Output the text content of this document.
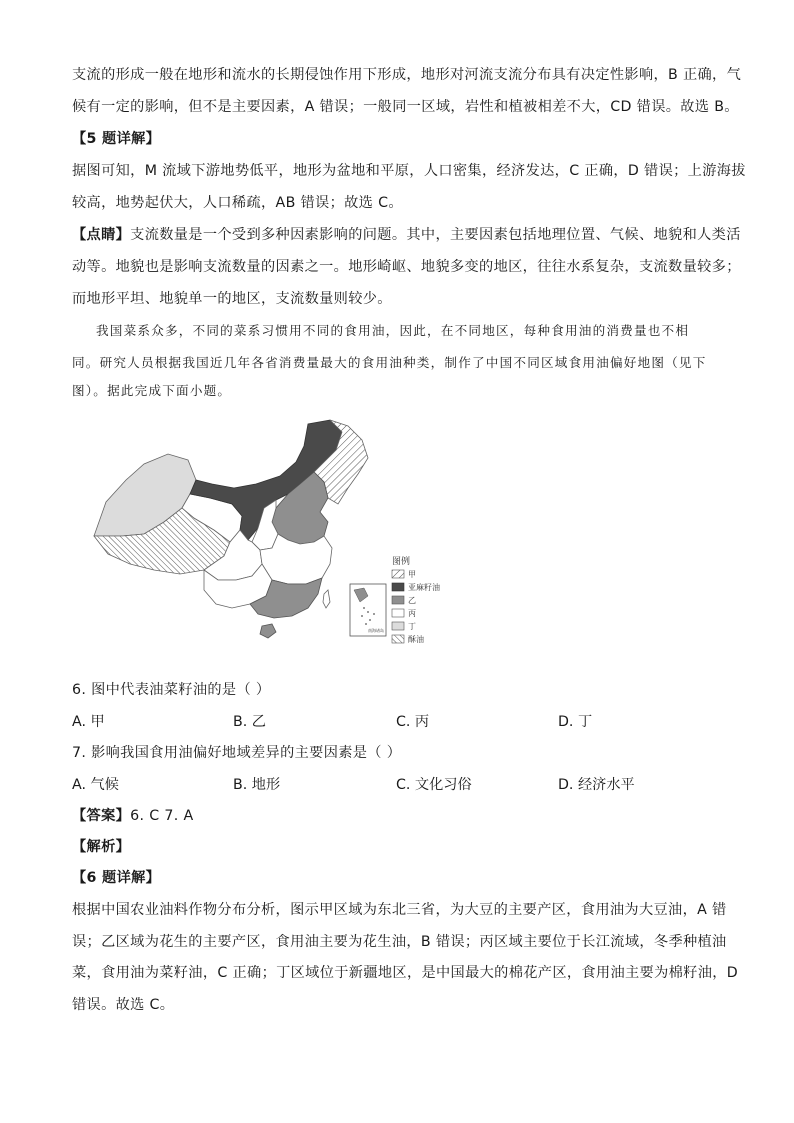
支流的形成一般在地形和流水的长期侵蚀作用下形成，地形对河流支流分布具有决定性影响，B 正确，气
候有一定的影响，但不是主要因素，A 错误；一般同一区域，岩性和植被相差不大，CD 错误。故选 B。
【5 题详解】
据图可知，M 流域下游地势低平，地形为盆地和平原，人口密集，经济发达，C 正确，D 错误；上游海拔
较高，地势起伏大，人口稀疏，AB 错误；故选 C。
【点睛】支流数量是一个受到多种因素影响的问题。其中，主要因素包括地理位置、气候、地貌和人类活
动等。地貌也是影响支流数量的因素之一。地形崎岖、地貌多变的地区，往往水系复杂，支流数量较多；
而地形平坦、地貌单一的地区，支流数量则较少。
我国菜系众多，不同的菜系习惯用不同的食用油，因此，在不同地区，每种食用油的消费量也不相
同。研究人员根据我国近几年各省消费量最大的食用油种类，制作了中国不同区域食用油偏好地图（见下
图）。据此完成下面小题。
南海诸岛
图例
甲
亚麻籽油
乙
丙
丁
酥油
6. 图中代表油菜籽油的是（ ）
A. 甲	B. 乙	C. 丙	D. 丁
7. 影响我国食用油偏好地域差异的主要因素是（ ）
A. 气候	B. 地形	C. 文化习俗	D. 经济水平
【答案】6. C 7. A
【解析】
【6 题详解】
根据中国农业油料作物分布分析，图示甲区域为东北三省，为大豆的主要产区，食用油为大豆油，A 错
误；乙区域为花生的主要产区，食用油主要为花生油，B 错误；丙区域主要位于长江流域，冬季种植油
菜，食用油为菜籽油，C 正确；丁区域位于新疆地区，是中国最大的棉花产区，食用油主要为棉籽油，D
错误。故选 C。
